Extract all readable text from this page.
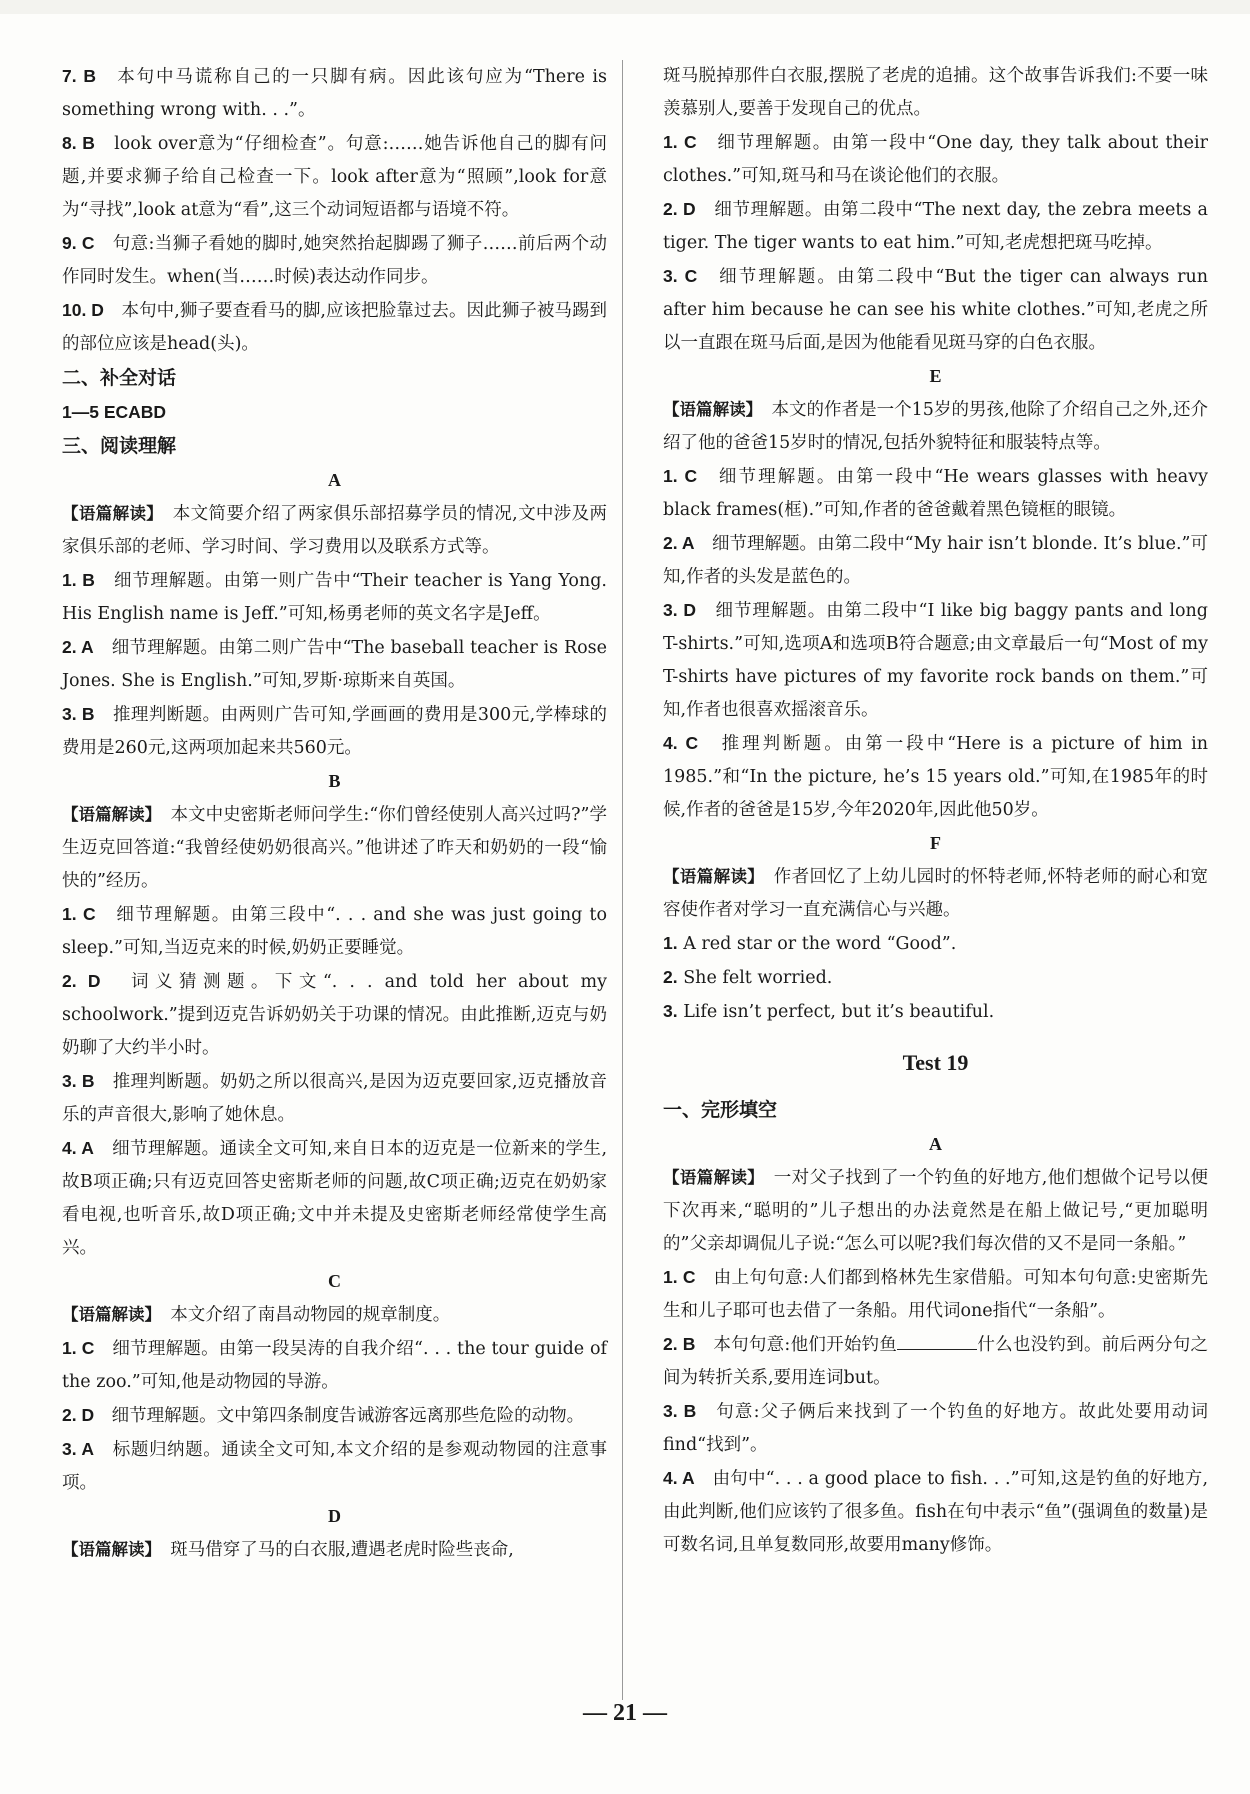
7. B　 本句中马谎称自己的一只脚有病。因此该句应为“There is something wrong with. . .”。

8. B　 look over意为“仔细检查”。句意:……她告诉他自己的脚有问题,并要求狮子给自己检查一下。look after意为“照顾”,look for意为“寻找”,look at意为“看”,这三个动词短语都与语境不符。

9. C　 句意:当狮子看她的脚时,她突然抬起脚踢了狮子……前后两个动作同时发生。when(当……时候)表达动作同步。

10. D　 本句中,狮子要查看马的脚,应该把脸靠过去。因此狮子被马踢到的部位应该是head(头)。

二、补全对话

1—5 ECABD

三、阅读理解

A

【语篇解读】　 本文简要介绍了两家俱乐部招募学员的情况,文中涉及两家俱乐部的老师、学习时间、学习费用以及联系方式等。

1. B　 细节理解题。由第一则广告中“Their teacher is Yang Yong. His English name is Jeff.”可知,杨勇老师的英文名字是Jeff。

2. A　 细节理解题。由第二则广告中“The baseball teacher is Rose Jones. She is English.”可知,罗斯·琼斯来自英国。

3. B　 推理判断题。由两则广告可知,学画画的费用是300元,学棒球的费用是260元,这两项加起来共560元。

B

【语篇解读】　 本文中史密斯老师问学生:“你们曾经使别人高兴过吗?”学生迈克回答道:“我曾经使奶奶很高兴。”他讲述了昨天和奶奶的一段“愉快的”经历。

1. C　 细节理解题。由第三段中“. . . and she was just going to sleep.”可知,当迈克来的时候,奶奶正要睡觉。

2. D　 词义猜测题。下文“. . . and told her about my schoolwork.”提到迈克告诉奶奶关于功课的情况。由此推断,迈克与奶奶聊了大约半小时。

3. B　 推理判断题。奶奶之所以很高兴,是因为迈克要回家,迈克播放音乐的声音很大,影响了她休息。

4. A　 细节理解题。通读全文可知,来自日本的迈克是一位新来的学生,故B项正确;只有迈克回答史密斯老师的问题,故C项正确;迈克在奶奶家看电视,也听音乐,故D项正确;文中并未提及史密斯老师经常使学生高兴。

C

【语篇解读】　 本文介绍了南昌动物园的规章制度。

1. C　 细节理解题。由第一段吴涛的自我介绍“. . . the tour guide of the zoo.”可知,他是动物园的导游。

2. D　 细节理解题。文中第四条制度告诫游客远离那些危险的动物。

3. A　 标题归纳题。通读全文可知,本文介绍的是参观动物园的注意事项。

D

【语篇解读】　 斑马借穿了马的白衣服,遭遇老虎时险些丧命,

斑马脱掉那件白衣服,摆脱了老虎的追捕。这个故事告诉我们:不要一味羡慕别人,要善于发现自己的优点。

1. C　 细节理解题。由第一段中“One day, they talk about their clothes.”可知,斑马和马在谈论他们的衣服。

2. D　 细节理解题。由第二段中“The next day, the zebra meets a tiger. The tiger wants to eat him.”可知,老虎想把斑马吃掉。

3. C　 细节理解题。由第二段中“But the tiger can always run after him because he can see his white clothes.”可知,老虎之所以一直跟在斑马后面,是因为他能看见斑马穿的白色衣服。

E

【语篇解读】　 本文的作者是一个15岁的男孩,他除了介绍自己之外,还介绍了他的爸爸15岁时的情况,包括外貌特征和服装特点等。

1. C　 细节理解题。由第一段中“He wears glasses with heavy black frames(框).”可知,作者的爸爸戴着黑色镜框的眼镜。

2. A　 细节理解题。由第二段中“My hair isn’t blonde. It’s blue.”可知,作者的头发是蓝色的。

3. D　 细节理解题。由第二段中“I like big baggy pants and long T-shirts.”可知,选项A和选项B符合题意;由文章最后一句“Most of my T-shirts have pictures of my favorite rock bands on them.”可知,作者也很喜欢摇滚音乐。

4. C　 推理判断题。由第一段中“Here is a picture of him in 1985.”和“In the picture, he’s 15 years old.”可知,在1985年的时候,作者的爸爸是15岁,今年2020年,因此他50岁。

F

【语篇解读】　 作者回忆了上幼儿园时的怀特老师,怀特老师的耐心和宽容使作者对学习一直充满信心与兴趣。

1. A red star or the word “Good”.

2. She felt worried.

3. Life isn’t perfect, but it’s beautiful.

Test 19

一、完形填空

A

【语篇解读】　 一对父子找到了一个钓鱼的好地方,他们想做个记号以便下次再来,“聪明的”儿子想出的办法竟然是在船上做记号,“更加聪明的”父亲却调侃儿子说:“怎么可以呢?我们每次借的又不是同一条船。”

1. C　 由上句句意:人们都到格林先生家借船。可知本句句意:史密斯先生和儿子耶可也去借了一条船。用代词one指代“一条船”。

2. B　 本句句意:他们开始钓鱼	什么也没钓到。前后两分句之间为转折关系,要用连词but。

3. B　 句意:父子俩后来找到了一个钓鱼的好地方。故此处要用动词find“找到”。

4. A　 由句中“. . . a good place to fish. . .”可知,这是钓鱼的好地方,由此判断,他们应该钓了很多鱼。fish在句中表示“鱼”(强调鱼的数量)是可数名词,且单复数同形,故要用many修饰。

— 21 —
